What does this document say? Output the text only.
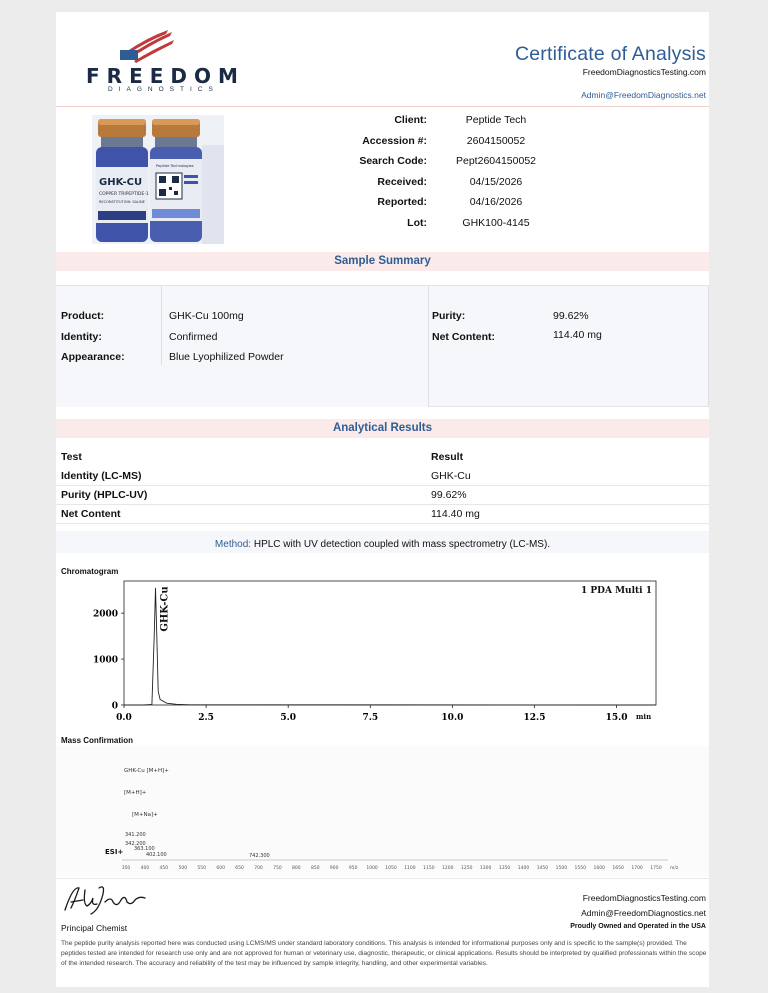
FREEDOM
DIAGNOSTICS
Certificate of Analysis
FreedomDiagnosticsTesting.com
Admin@FreedomDiagnostics.net
GHK-CU
COPPER TRIPEPTIDE-1
RECONSTITUTION: SALINE
Peptide Technologies
Client:	Peptide Tech
Accession #:	2604150052
Search Code:	Pept2604150052
Received:	04/15/2026
Reported:	04/16/2026
Lot:	GHK100-4145
Sample Summary
Product:	GHK-Cu 100mg
Identity:	Confirmed
Appearance:	Blue Lyophilized Powder
Purity:	99.62%
Net Content:	114.40 mg
Analytical Results
Test	Result
Identity (LC-MS)	GHK-Cu
Purity (HPLC-UV)	99.62%
Net Content	114.40 mg
Method: HPLC with UV detection coupled with mass spectrometry (LC-MS).
Chromatogram
0
1000
2000
0.0	2.5	5.0	7.5	10.0	12.5	15.0
GHK-Cu	1 PDA Multi 1
min
Mass Confirmation
GHK-Cu [M+H]+
[M+H]+
[M+Na]+
341.200
342.200
363.100
402.100	742.300
ESI+
350 400 450 500 550 600 650 700 750 800 850 900 950 1000 1050 1100 1150 1200 1250 1300 1350 1400 1450 1500 1550 1600 1650 1700 1750 m/z
Principal Chemist
FreedomDiagnosticsTesting.com
Admin@FreedomDiagnostics.net
Proudly Owned and Operated in the USA
The peptide purity analysis reported here was conducted using LCMS/MS under standard laboratory conditions. This analysis is intended for informational purposes only and is specific to the sample(s) provided. The peptides tested are intended for research use only and are not approved for human or veterinary use, diagnostic, therapeutic, or clinical applications. Results should be interpreted by qualified professionals within the scope of the intended research. The accuracy and reliability of the test may be influenced by sample integrity, handling, and other experimental variables.
